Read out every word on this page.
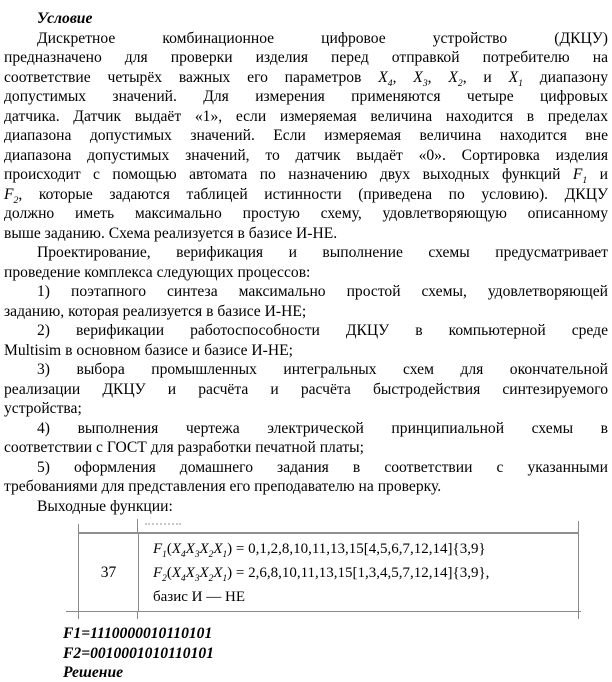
Условие
Дискретное комбинационное цифровое устройство (ДКЦУ)
предназначено для проверки изделия перед отправкой потребителю на
соответствие четырёх важных его параметров $X_4$, $X_3$, $X_2$, и $X_1$ диапазону
допустимых значений. Для измерения применяются четыре цифровых
датчика. Датчик выдаёт «1», если измеряемая величина находится в пределах
диапазона допустимых значений. Если измеряемая величина находится вне
диапазона допустимых значений, то датчик выдаёт «0». Сортировка изделия
происходит с помощью автомата по назначению двух выходных функций $F_1$ и
$F_2$, которые задаются таблицей истинности (приведена по условию). ДКЦУ
должно иметь максимально простую схему, удовлетворяющую описанному
выше заданию. Схема реализуется в базисе И-НЕ.
Проектирование, верификация и выполнение схемы предусматривает
проведение комплекса следующих процессов:
1) поэтапного синтеза максимально простой схемы, удовлетворяющей
заданию, которая реализуется в базисе И-НЕ;
2) верификации работоспособности ДКЦУ в компьютерной среде
Multisim в основном базисе и базисе И-НЕ;
3) выбора промышленных интегральных схем для окончательной
реализации ДКЦУ и расчёта и расчёта быстродействия синтезируемого
устройства;
4) выполнения чертежа электрической принципиальной схемы в
соответствии с ГОСТ для разработки печатной платы;
5) оформления домашнего задания в соответствии с указанными
требованиями для представления его преподавателю на проверку.
Выходные функции:
37
$F_1(X_4X_3X_2X_1) = 0,1,2,8,10,11,13,15[4,5,6,7,12,14]\{3,9\}$
$F_2(X_4X_3X_2X_1) = 2,6,8,10,11,13,15[1,3,4,5,7,12,14]\{3,9\}$,
базис И — НЕ
F1=1110000010110101
F2=0010001010110101
Решение
